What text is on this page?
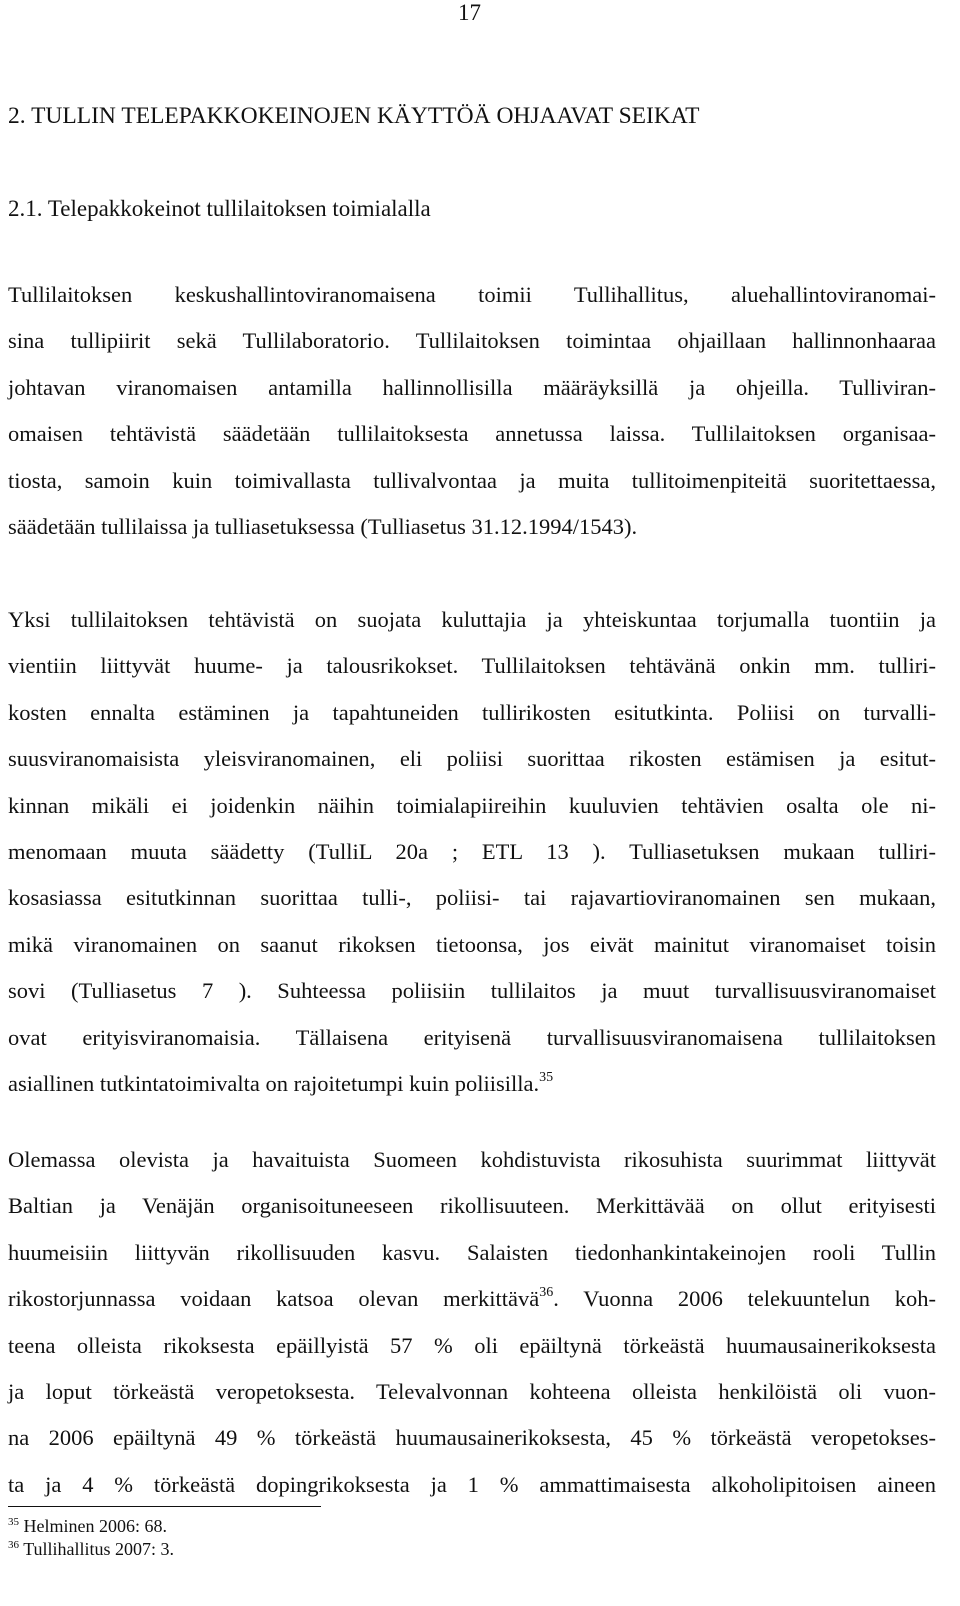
17
2. TULLIN TELEPAKKOKEINOJEN KÄYTTÖÄ OHJAAVAT SEIKAT
2.1. Telepakkokeinot tullilaitoksen toimialalla
Tullilaitoksen keskushallintoviranomaisena toimii Tullihallitus, aluehallintoviranomai-
sina tullipiirit sekä Tullilaboratorio. Tullilaitoksen toimintaa ohjaillaan hallinnonhaaraa
johtavan viranomaisen antamilla hallinnollisilla määräyksillä ja ohjeilla. Tulliviran-
omaisen tehtävistä säädetään tullilaitoksesta annetussa laissa. Tullilaitoksen organisaa-
tiosta, samoin kuin toimivallasta tullivalvontaa ja muita tullitoimenpiteitä suoritettaessa,
säädetään tullilaissa ja tulliasetuksessa (Tulliasetus 31.12.1994/1543).
Yksi tullilaitoksen tehtävistä on suojata kuluttajia ja yhteiskuntaa torjumalla tuontiin ja
vientiin liittyvät huume- ja talousrikokset. Tullilaitoksen tehtävänä onkin mm. tulliri-
kosten ennalta estäminen ja tapahtuneiden tullirikosten esitutkinta. Poliisi on turvalli-
suusviranomaisista yleisviranomainen, eli poliisi suorittaa rikosten estämisen ja esitut-
kinnan mikäli ei joidenkin näihin toimialapiireihin kuuluvien tehtävien osalta ole ni-
menomaan muuta säädetty (TulliL 20a ; ETL 13 ). Tulliasetuksen mukaan tulliri-
kosasiassa esitutkinnan suorittaa tulli-, poliisi- tai rajavartioviranomainen sen mukaan,
mikä viranomainen on saanut rikoksen tietoonsa, jos eivät mainitut viranomaiset toisin
sovi (Tulliasetus 7 ). Suhteessa poliisiin tullilaitos ja muut turvallisuusviranomaiset
ovat erityisviranomaisia. Tällaisena erityisenä turvallisuusviranomaisena tullilaitoksen
asiallinen tutkintatoimivalta on rajoitetumpi kuin poliisilla.$^{35}$
Olemassa olevista ja havaituista Suomeen kohdistuvista rikosuhista suurimmat liittyvät
Baltian ja Venäjän organisoituneeseen rikollisuuteen. Merkittävää on ollut erityisesti
huumeisiin liittyvän rikollisuuden kasvu. Salaisten tiedonhankintakeinojen rooli Tullin
rikostorjunnassa voidaan katsoa olevan merkittävä$^{36}$. Vuonna 2006 telekuuntelun koh-
teena olleista rikoksesta epäillyistä 57 % oli epäiltynä törkeästä huumausainerikoksesta
ja loput törkeästä veropetoksesta. Televalvonnan kohteena olleista henkilöistä oli vuon-
na 2006 epäiltynä 49 % törkeästä huumausainerikoksesta, 45 % törkeästä veropetokses-
ta ja 4 % törkeästä dopingrikoksesta ja 1 % ammattimaisesta alkoholipitoisen aineen
$^{35}$ Helminen 2006: 68.
$^{36}$ Tullihallitus 2007: 3.
